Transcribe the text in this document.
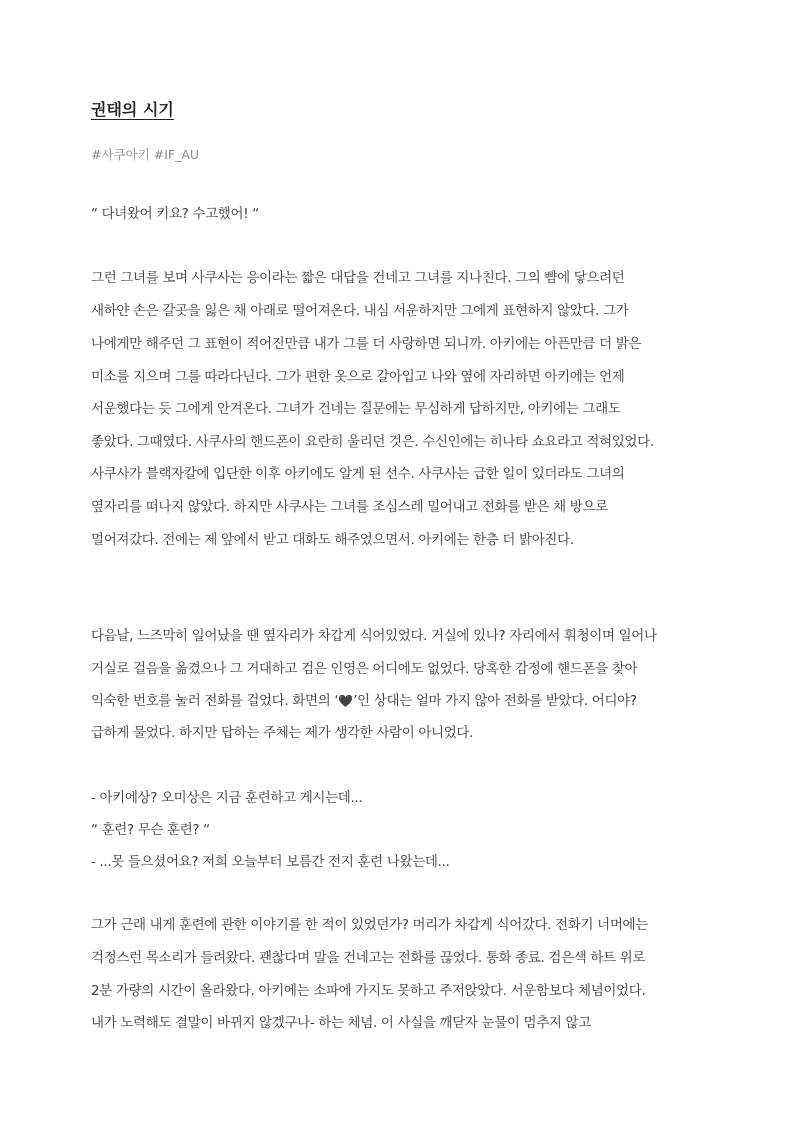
권태의 시기
#사쿠아키 #IF_AU
“ 다녀왔어 키요? 수고했어! “
그런 그녀를 보며 사쿠사는 응이라는 짧은 대답을 건네고 그녀를 지나친다. 그의 뺨에 닿으려던
새하얀 손은 갈곳을 잃은 채 아래로 떨어져온다. 내심 서운하지만 그에게 표현하지 않았다. 그가
나에게만 해주던 그 표현이 적어진만큼 내가 그를 더 사랑하면 되니까. 아키에는 아픈만큼 더 밝은
미소를 지으며 그를 따라다닌다. 그가 편한 옷으로 갈아입고 나와 옆에 자리하면 아키에는 언제
서운했다는 듯 그에게 안겨온다. 그녀가 건네는 질문에는 무심하게 답하지만, 아키에는 그래도
좋았다. 그때였다. 사쿠사의 핸드폰이 요란히 울리던 것은. 수신인에는 히나타 쇼요라고 적혀있었다.
사쿠사가 블랙자칼에 입단한 이후 아키에도 알게 된 선수. 사쿠사는 급한 일이 있더라도 그녀의
옆자리를 떠나지 않았다. 하지만 사쿠사는 그녀를 조심스레 밀어내고 전화를 받은 채 방으로
멀어져갔다. 전에는 제 앞에서 받고 대화도 해주었으면서. 아키에는 한층 더 밝아진다.
다음날, 느즈막히 일어났을 땐 옆자리가 차갑게 식어있었다. 거실에 있나? 자리에서 휘청이며 일어나
거실로 걸음을 옮겼으나 그 거대하고 검은 인영은 어디에도 없었다. 당혹한 감정에 핸드폰을 찾아
익숙한 번호를 눌러 전화를 걸었다. 화면의 ‘🖤’인 상대는 얼마 가지 않아 전화를 받았다. 어디야?
급하게 물었다. 하지만 답하는 주체는 제가 생각한 사람이 아니었다.
- 아키에상? 오미상은 지금 훈련하고 게시는데...
“ 훈련? 무슨 훈련? “
- ...못 들으셨어요? 저희 오늘부터 보름간 전지 훈련 나왔는데...
그가 근래 내게 훈련에 관한 이야기를 한 적이 있었던가? 머리가 차갑게 식어갔다. 전화기 너머에는
걱정스런 목소리가 들려왔다. 괜찮다며 말을 건네고는 전화를 끊었다. 통화 종료. 검은색 하트 위로
2분 가량의 시간이 올라왔다. 아키에는 소파에 가지도 못하고 주저앉았다. 서운함보다 체념이었다.
내가 노력해도 결말이 바뀌지 않겠구나- 하는 체념. 이 사실을 깨닫자 눈물이 멈추지 않고
